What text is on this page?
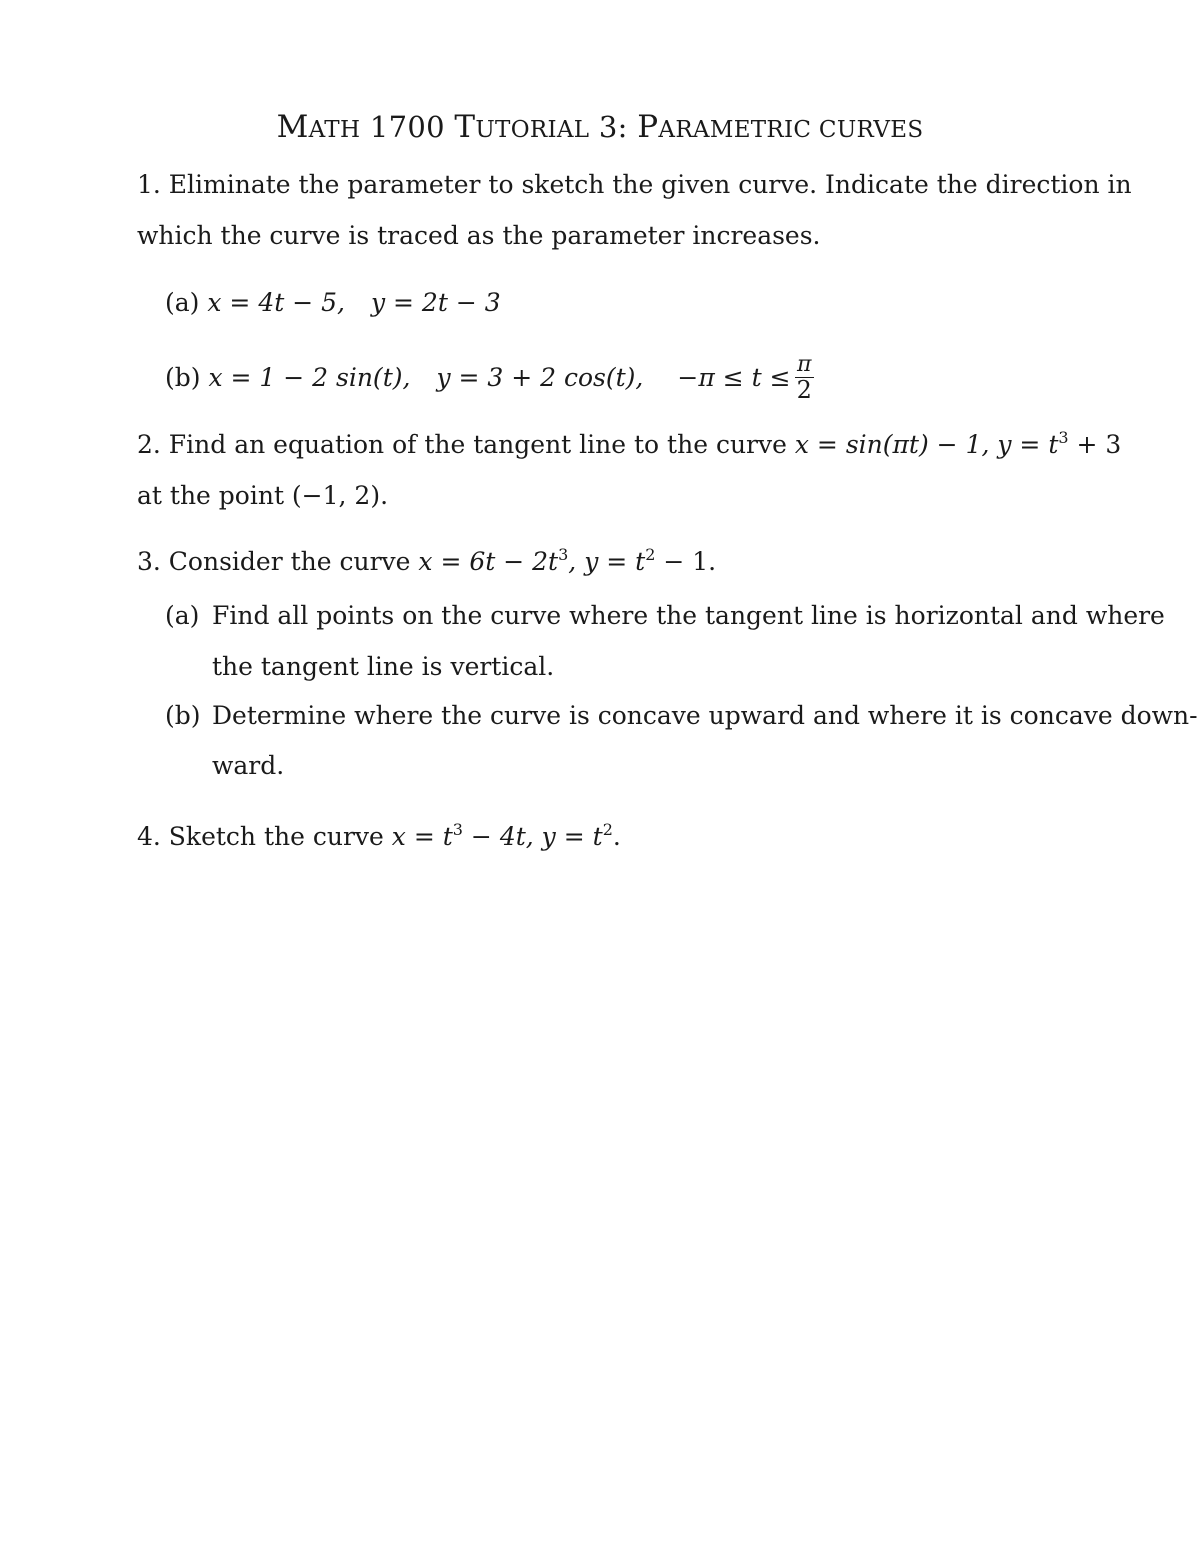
MATH 1700 TUTORIAL 3: PARAMETRIC CURVES
1. Eliminate the parameter to sketch the given curve. Indicate the direction in
which the curve is traced as the parameter increases.
(a) x = 4t − 5, y = 2t − 3
(b) x = 1 − 2 sin(t), y = 3 + 2 cos(t), $-\pi \le t \le \frac{\pi}{2}$
2. Find an equation of the tangent line to the curve x = sin(πt) − 1, $y = t^3 + 3$
at the point (−1, 2).
3. Consider the curve $x = 6t - 2t^3$, $y = t^2 - 1$.
(a) Find all points on the curve where the tangent line is horizontal and where
the tangent line is vertical.
(b) Determine where the curve is concave upward and where it is concave down-
ward.
4. Sketch the curve $x = t^3 - 4t$, $y = t^2$.
